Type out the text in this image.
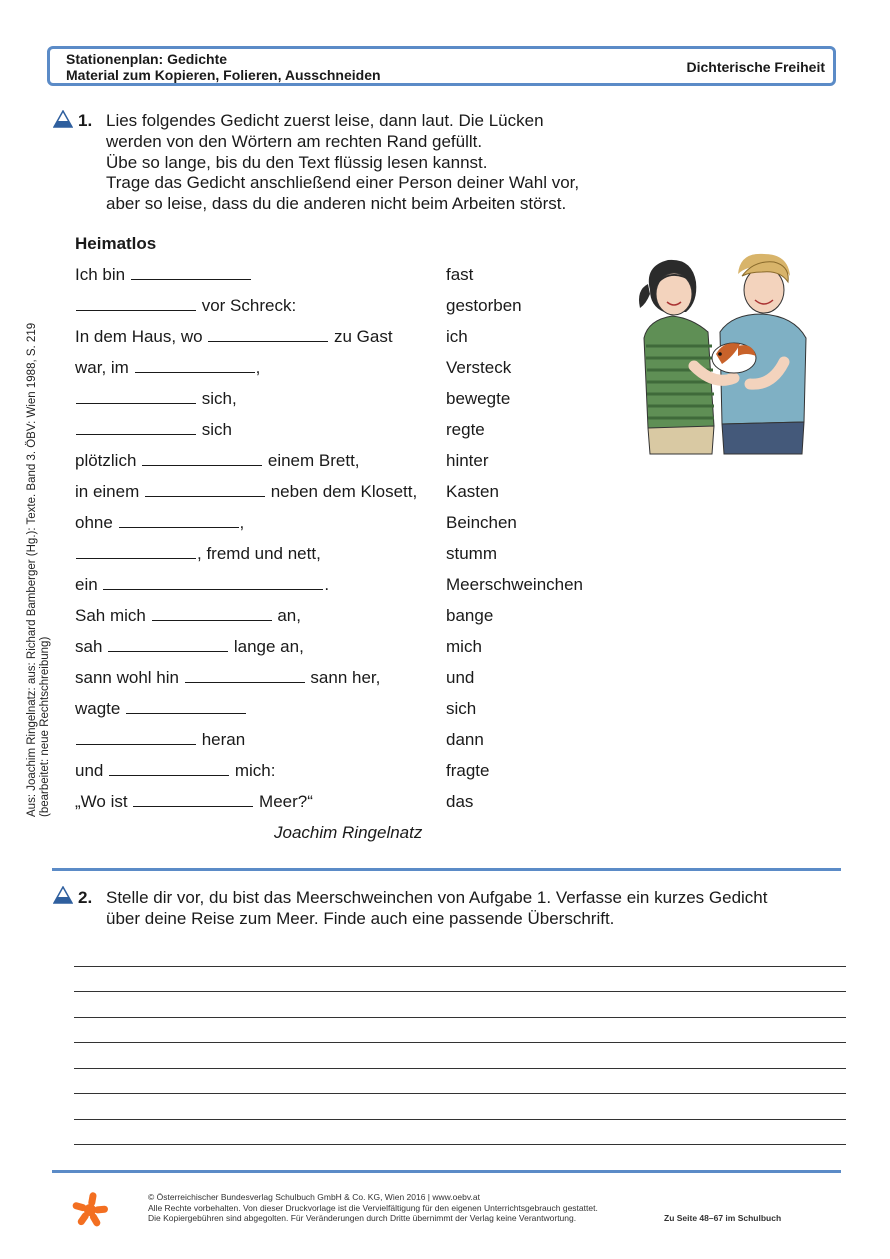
Stationenplan: Gedichte
Material zum Kopieren, Folieren, Ausschneiden	Dichterische Freiheit
1. Lies folgendes Gedicht zuerst leise, dann laut. Die Lücken
werden von den Wörtern am rechten Rand gefüllt.
Übe so lange, bis du den Text flüssig lesen kannst.
Trage das Gedicht anschließend einer Person deiner Wahl vor,
aber so leise, dass du die anderen nicht beim Arbeiten störst.
Aus: Joachim Ringelnatz: aus: Richard Bamberger (Hg.): Texte. Band 3. ÖBV: Wien 1988, S. 219 (bearbeitet: neue Rechtschreibung)
Heimatlos
Ich bin
vor Schreck:
In dem Haus, wo	zu Gast
war, im	,
sich,
sich
plötzlich	einem Brett,
in einem	neben dem Klosett,
ohne	,
, fremd und nett,
ein	.
Sah mich	an,
sah	lange an,
sann wohl hin	sann her,
wagte
heran
und	mich:
„Wo ist	Meer?“
fast
gestorben
ich
Versteck
bewegte
regte
hinter
Kasten
Beinchen
stumm
Meerschweinchen
bange
mich
und
sich
dann
fragte
das
Joachim Ringelnatz
2. Stelle dir vor, du bist das Meerschweinchen von Aufgabe 1. Verfasse ein kurzes Gedicht
über deine Reise zum Meer. Finde auch eine passende Überschrift.
© Österreichischer Bundesverlag Schulbuch GmbH & Co. KG, Wien 2016 | www.oebv.at
Alle Rechte vorbehalten. Von dieser Druckvorlage ist die Vervielfältigung für den eigenen Unterrichtsgebrauch gestattet.
Die Kopiergebühren sind abgegolten. Für Veränderungen durch Dritte übernimmt der Verlag keine Verantwortung.	Zu Seite 48–67 im Schulbuch
